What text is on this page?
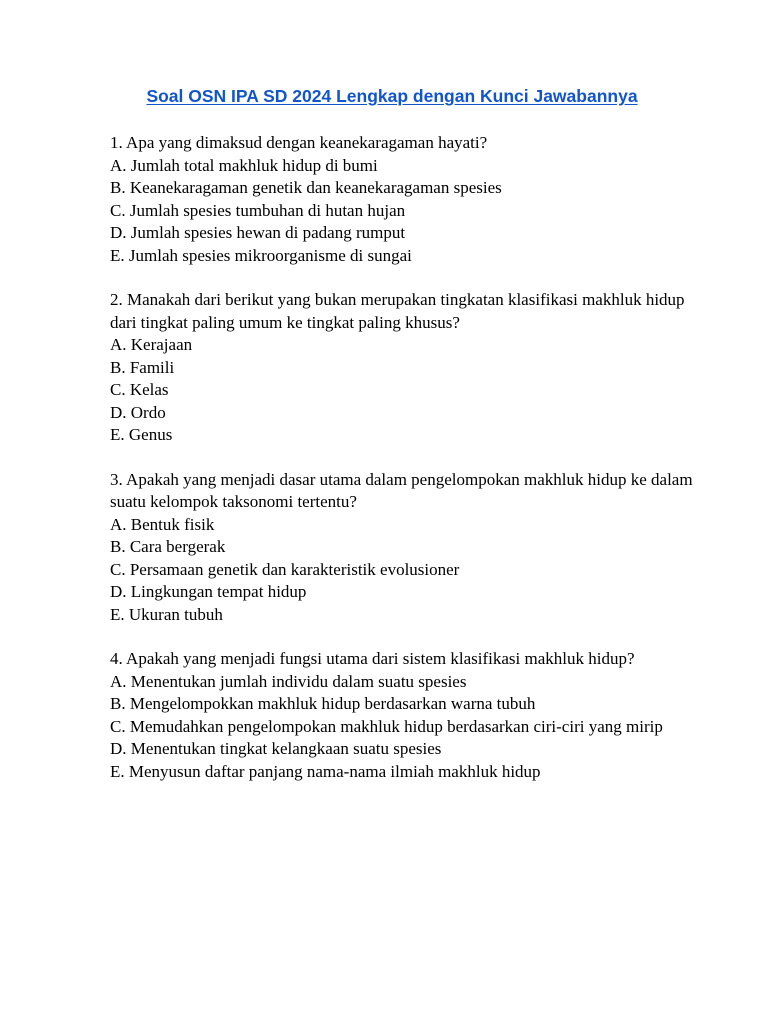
Soal OSN IPA SD 2024 Lengkap dengan Kunci Jawabannya
1. Apa yang dimaksud dengan keanekaragaman hayati?
A. Jumlah total makhluk hidup di bumi
B. Keanekaragaman genetik dan keanekaragaman spesies
C. Jumlah spesies tumbuhan di hutan hujan
D. Jumlah spesies hewan di padang rumput
E. Jumlah spesies mikroorganisme di sungai
2. Manakah dari berikut yang bukan merupakan tingkatan klasifikasi makhluk hidup dari tingkat paling umum ke tingkat paling khusus?
A. Kerajaan
B. Famili
C. Kelas
D. Ordo
E. Genus
3. Apakah yang menjadi dasar utama dalam pengelompokan makhluk hidup ke dalam suatu kelompok taksonomi tertentu?
A. Bentuk fisik
B. Cara bergerak
C. Persamaan genetik dan karakteristik evolusioner
D. Lingkungan tempat hidup
E. Ukuran tubuh
4. Apakah yang menjadi fungsi utama dari sistem klasifikasi makhluk hidup?
A. Menentukan jumlah individu dalam suatu spesies
B. Mengelompokkan makhluk hidup berdasarkan warna tubuh
C. Memudahkan pengelompokan makhluk hidup berdasarkan ciri-ciri yang mirip
D. Menentukan tingkat kelangkaan suatu spesies
E. Menyusun daftar panjang nama-nama ilmiah makhluk hidup
